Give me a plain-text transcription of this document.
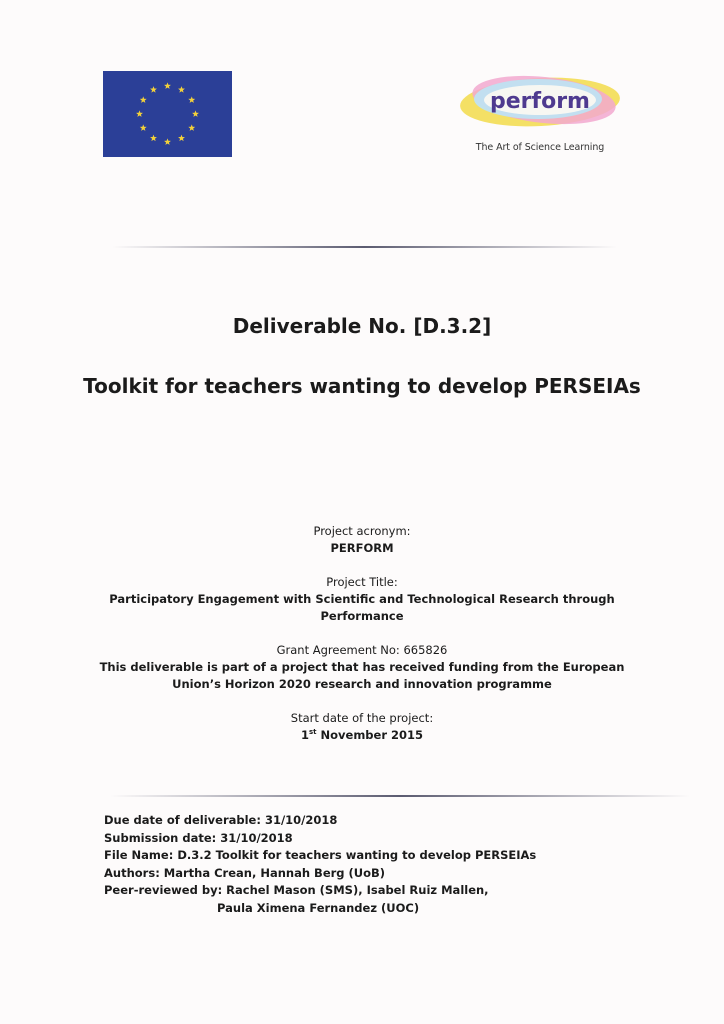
perform
The Art of Science Learning
Deliverable No. [D.3.2]
Toolkit for teachers wanting to develop PERSEIAs
Project acronym:
PERFORM
Project Title:
Participatory Engagement with Scientific and Technological Research through
Performance
Grant Agreement No: 665826
This deliverable is part of a project that has received funding from the European
Union’s Horizon 2020 research and innovation programme
Start date of the project:
1st November 2015
Due date of deliverable: 31/10/2018
Submission date: 31/10/2018
File Name: D.3.2 Toolkit for teachers wanting to develop PERSEIAs
Authors: Martha Crean, Hannah Berg (UoB)
Peer-reviewed by: Rachel Mason (SMS), Isabel Ruiz Mallen,
Paula Ximena Fernandez (UOC)
